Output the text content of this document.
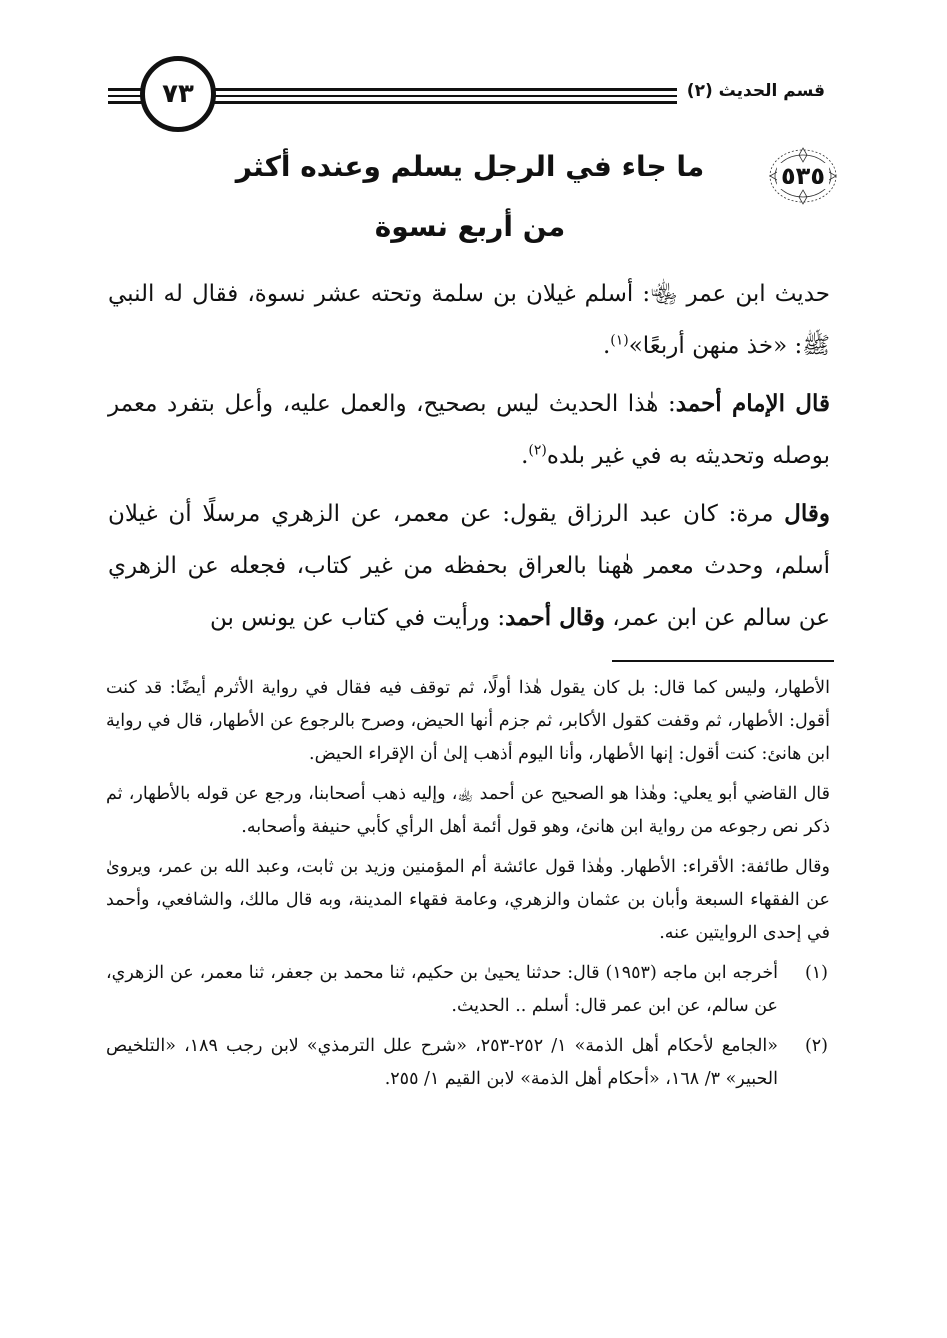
قسم الحديث (٢)
٧٣
٥٣٥
ما جاء في الرجل يسلم وعنده أكثر
من أربع نسوة

حديث ابن عمر ﵄: أسلم غيلان بن سلمة وتحته عشر نسوة، فقال له النبي ﷺ: «خذ منهن أربعًا»$^{(١)}$.

قال الإمام أحمد: هٰذا الحديث ليس بصحيح، والعمل عليه، وأعل بتفرد معمر بوصله وتحديثه به في غير بلده$^{(٢)}$.

وقال مرة: كان عبد الرزاق يقول: عن معمر، عن الزهري مرسلًا أن غيلان أسلم، وحدث معمر هٰهنا بالعراق بحفظه من غير كتاب، فجعله عن الزهري عن سالم عن ابن عمر، وقال أحمد: ورأيت في كتاب عن يونس بن

الأطهار، وليس كما قال: بل كان يقول هٰذا أولًا، ثم توقف فيه فقال في رواية الأثرم أيضًا: قد كنت أقول: الأطهار، ثم وقفت كقول الأكابر، ثم جزم أنها الحيض، وصرح بالرجوع عن الأطهار، قال في رواية ابن هانئ: كنت أقول: إنها الأطهار، وأنا اليوم أذهب إلىٰ أن الإقراء الحيض.

قال القاضي أبو يعلي: وهٰذا هو الصحيح عن أحمد ﵀، وإليه ذهب أصحابنا، ورجع عن قوله بالأطهار، ثم ذكر نص رجوعه من رواية ابن هانئ، وهو قول أئمة أهل الرأي كأبي حنيفة وأصحابه.

وقال طائفة: الأقراء: الأطهار. وهٰذا قول عائشة أم المؤمنين وزيد بن ثابت، وعبد الله بن عمر، ويروىٰ عن الفقهاء السبعة وأبان بن عثمان والزهري، وعامة فقهاء المدينة، وبه قال مالك، والشافعي، وأحمد في إحدى الروايتين عنه.

(١)
أخرجه ابن ماجه (١٩٥٣) قال: حدثنا يحيىٰ بن حكيم، ثنا محمد بن جعفر، ثنا معمر، عن الزهري، عن سالم، عن ابن عمر قال: أسلم .. الحديث.
(٢)
«الجامع لأحكام أهل الذمة» ١/ ٢٥٢-٢٥٣، «شرح علل الترمذي» لابن رجب ١٨٩، «التلخيص الحبير» ٣/ ١٦٨، «أحكام أهل الذمة» لابن القيم ١/ ٢٥٥.
